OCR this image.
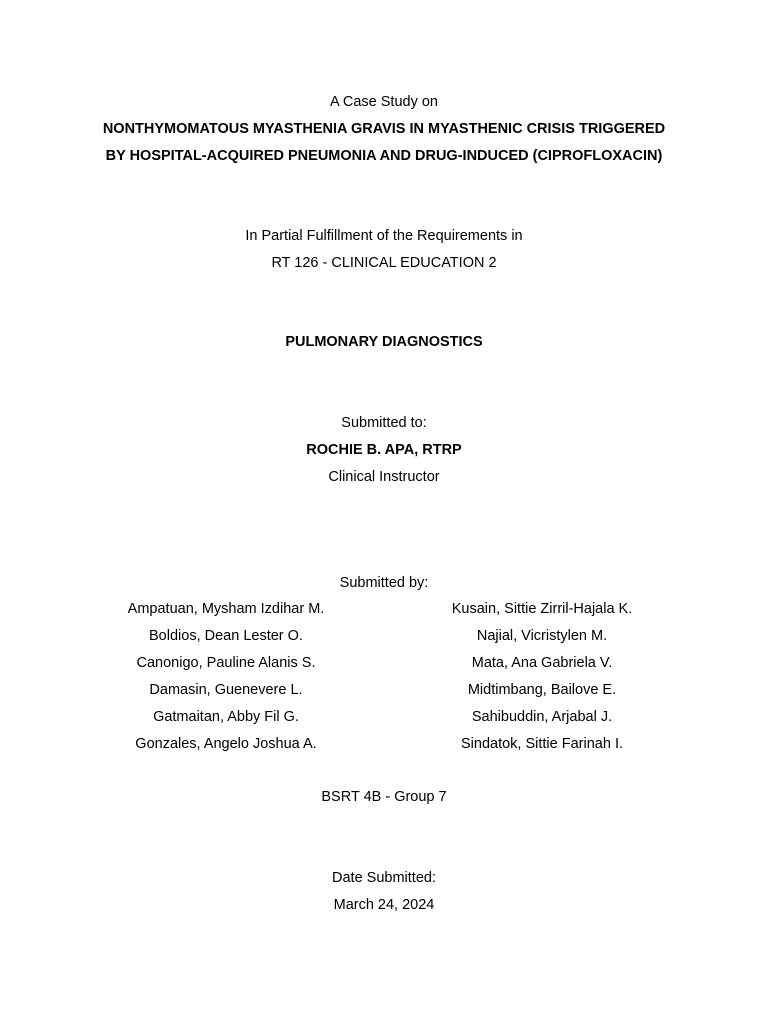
A Case Study on
NONTHYMOMATOUS MYASTHENIA GRAVIS IN MYASTHENIC CRISIS TRIGGERED
BY HOSPITAL-ACQUIRED PNEUMONIA AND DRUG-INDUCED (CIPROFLOXACIN)
In Partial Fulfillment of the Requirements in
RT 126 - CLINICAL EDUCATION 2
PULMONARY DIAGNOSTICS
Submitted to:
ROCHIE B. APA, RTRP
Clinical Instructor
Submitted by:
Ampatuan, Mysham Izdihar M.
Boldios, Dean Lester O.
Canonigo, Pauline Alanis S.
Damasin, Guenevere L.
Gatmaitan, Abby Fil G.
Gonzales, Angelo Joshua A.
Kusain, Sittie Zirril-Hajala K.
Najial, Vicristylen M.
Mata, Ana Gabriela V.
Midtimbang, Bailove E.
Sahibuddin, Arjabal J.
Sindatok, Sittie Farinah I.
BSRT 4B - Group 7
Date Submitted:
March 24, 2024
